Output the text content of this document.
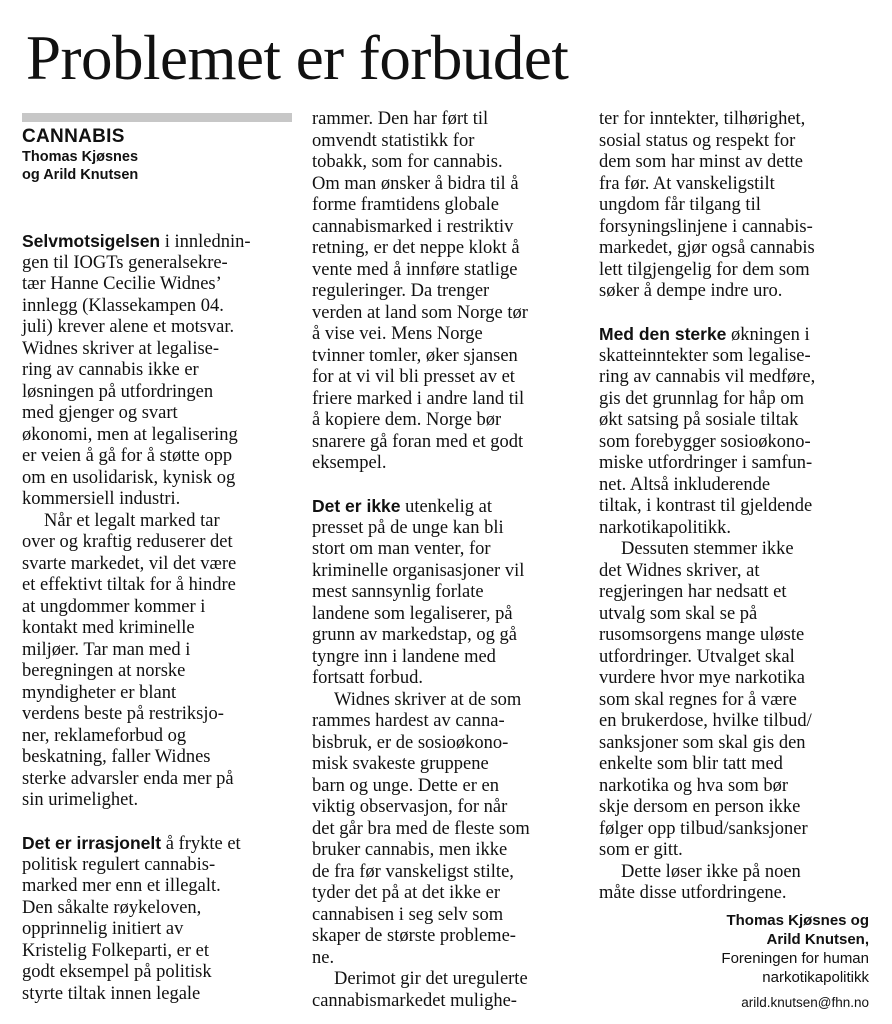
Problemet er forbudet
CANNABIS
Thomas Kjøsnes
og Arild Knutsen
Selvmotsigelsen i innlednin-
gen til IOGTs generalsekre-
tær Hanne Cecilie Widnes’
innlegg (Klassekampen 04.
juli) krever alene et motsvar.
Widnes skriver at legalise-
ring av cannabis ikke er
løsningen på utfordringen
med gjenger og svart
økonomi, men at legalisering
er veien å gå for å støtte opp
om en usolidarisk, kynisk og
kommersiell industri.
Når et legalt marked tar
over og kraftig reduserer det
svarte markedet, vil det være
et effektivt tiltak for å hindre
at ungdommer kommer i
kontakt med kriminelle
miljøer. Tar man med i
beregningen at norske
myndigheter er blant
verdens beste på restriksjo-
ner, reklameforbud og
beskatning, faller Widnes
sterke advarsler enda mer på
sin urimelighet.
Det er irrasjonelt å frykte et
politisk regulert cannabis-
marked mer enn et illegalt.
Den såkalte røykeloven,
opprinnelig initiert av
Kristelig Folkeparti, er et
godt eksempel på politisk
styrte tiltak innen legale
rammer. Den har ført til
omvendt statistikk for
tobakk, som for cannabis.
Om man ønsker å bidra til å
forme framtidens globale
cannabismarked i restriktiv
retning, er det neppe klokt å
vente med å innføre statlige
reguleringer. Da trenger
verden at land som Norge tør
å vise vei. Mens Norge
tvinner tomler, øker sjansen
for at vi vil bli presset av et
friere marked i andre land til
å kopiere dem. Norge bør
snarere gå foran med et godt
eksempel.
Det er ikke utenkelig at
presset på de unge kan bli
stort om man venter, for
kriminelle organisasjoner vil
mest sannsynlig forlate
landene som legaliserer, på
grunn av markedstap, og gå
tyngre inn i landene med
fortsatt forbud.
Widnes skriver at de som
rammes hardest av canna-
bisbruk, er de sosioøkono-
misk svakeste gruppene
barn og unge. Dette er en
viktig observasjon, for når
det går bra med de fleste som
bruker cannabis, men ikke
de fra før vanskeligst stilte,
tyder det på at det ikke er
cannabisen i seg selv som
skaper de største probleme-
ne.
Derimot gir det uregulerte
cannabismarkedet mulighe-
ter for inntekter, tilhørighet,
sosial status og respekt for
dem som har minst av dette
fra før. At vanskeligstilt
ungdom får tilgang til
forsyningslinjene i cannabis-
markedet, gjør også cannabis
lett tilgjengelig for dem som
søker å dempe indre uro.
Med den sterke økningen i
skatteinntekter som legalise-
ring av cannabis vil medføre,
gis det grunnlag for håp om
økt satsing på sosiale tiltak
som forebygger sosioøkono-
miske utfordringer i samfun-
net. Altså inkluderende
tiltak, i kontrast til gjeldende
narkotikapolitikk.
Dessuten stemmer ikke
det Widnes skriver, at
regjeringen har nedsatt et
utvalg som skal se på
rusomsorgens mange uløste
utfordringer. Utvalget skal
vurdere hvor mye narkotika
som skal regnes for å være
en brukerdose, hvilke tilbud/
sanksjoner som skal gis den
enkelte som blir tatt med
narkotika og hva som bør
skje dersom en person ikke
følger opp tilbud/sanksjoner
som er gitt.
Dette løser ikke på noen
måte disse utfordringene.
Thomas Kjøsnes og
Arild Knutsen,
Foreningen for human
narkotikapolitikk
arild.knutsen@fhn.no
